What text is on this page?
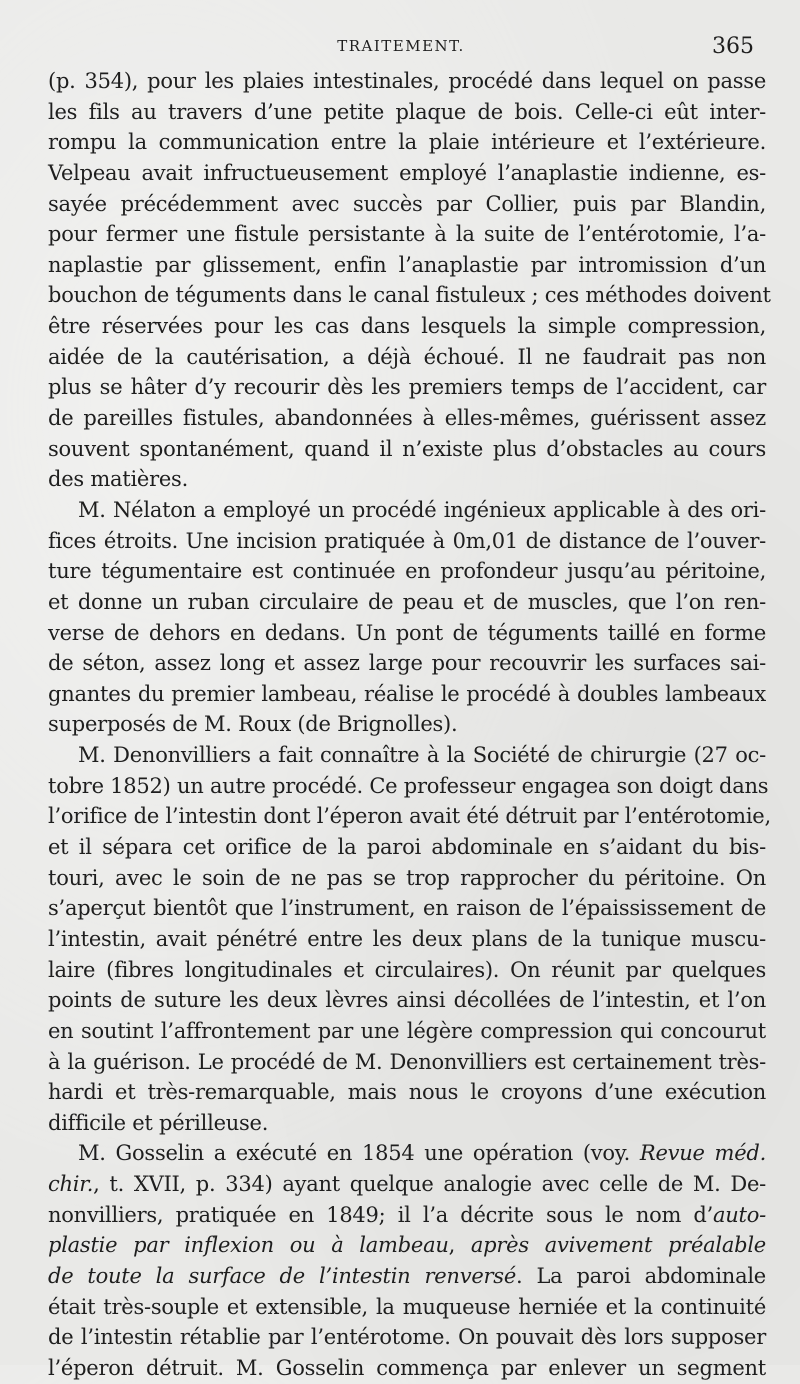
TRAITEMENT.	365
(p. 354), pour les plaies intestinales, procédé dans lequel on passe
les fils au travers d’une petite plaque de bois. Celle-ci eût inter-
rompu la communication entre la plaie intérieure et l’extérieure.
Velpeau avait infructueusement employé l’anaplastie indienne, es-
sayée précédemment avec succès par Collier, puis par Blandin,
pour fermer une fistule persistante à la suite de l’entérotomie, l’a-
naplastie par glissement, enfin l’anaplastie par intromission d’un
bouchon de téguments dans le canal fistuleux ; ces méthodes doivent
être réservées pour les cas dans lesquels la simple compression,
aidée de la cautérisation, a déjà échoué. Il ne faudrait pas non
plus se hâter d’y recourir dès les premiers temps de l’accident, car
de pareilles fistules, abandonnées à elles-mêmes, guérissent assez
souvent spontanément, quand il n’existe plus d’obstacles au cours
des matières.
M. Nélaton a employé un procédé ingénieux applicable à des ori-
fices étroits. Une incision pratiquée à 0m,01 de distance de l’ouver-
ture tégumentaire est continuée en profondeur jusqu’au péritoine,
et donne un ruban circulaire de peau et de muscles, que l’on ren-
verse de dehors en dedans. Un pont de téguments taillé en forme
de séton, assez long et assez large pour recouvrir les surfaces sai-
gnantes du premier lambeau, réalise le procédé à doubles lambeaux
superposés de M. Roux (de Brignolles).
M. Denonvilliers a fait connaître à la Société de chirurgie (27 oc-
tobre 1852) un autre procédé. Ce professeur engagea son doigt dans
l’orifice de l’intestin dont l’éperon avait été détruit par l’entérotomie,
et il sépara cet orifice de la paroi abdominale en s’aidant du bis-
touri, avec le soin de ne pas se trop rapprocher du péritoine. On
s’aperçut bientôt que l’instrument, en raison de l’épaississement de
l’intestin, avait pénétré entre les deux plans de la tunique muscu-
laire (fibres longitudinales et circulaires). On réunit par quelques
points de suture les deux lèvres ainsi décollées de l’intestin, et l’on
en soutint l’affrontement par une légère compression qui concourut
à la guérison. Le procédé de M. Denonvilliers est certainement très-
hardi et très-remarquable, mais nous le croyons d’une exécution
difficile et périlleuse.
M. Gosselin a exécuté en 1854 une opération (voy. Revue méd.
chir., t. XVII, p. 334) ayant quelque analogie avec celle de M. De-
nonvilliers, pratiquée en 1849; il l’a décrite sous le nom d’auto-
plastie par inflexion ou à lambeau, après avivement préalable
de toute la surface de l’intestin renversé. La paroi abdominale
était très-souple et extensible, la muqueuse herniée et la continuité
de l’intestin rétablie par l’entérotome. On pouvait dès lors supposer
l’éperon détruit. M. Gosselin commença par enlever un segment
